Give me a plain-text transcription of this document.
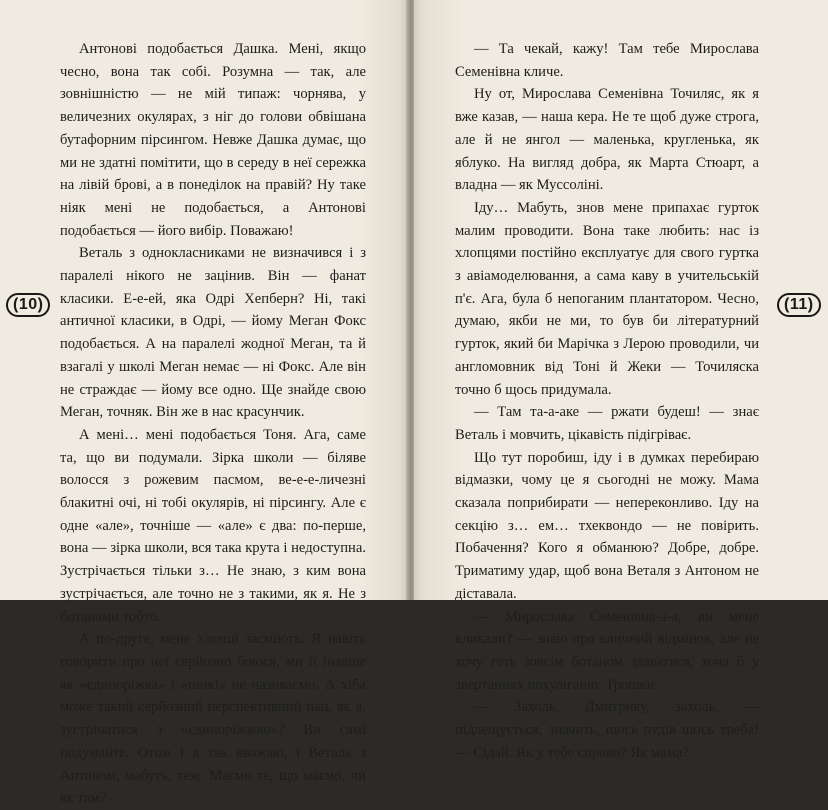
Антонові подобається Дашка. Мені, якщо чесно, вона так собі. Розумна — так, але зовнішністю — не мій типаж: чорнява, у величезних окулярах, з ніг до голови обвішана бутафорним пірсингом. Невже Дашка думає, що ми не здатні помітити, що в середу в неї сережка на лівій брові, а в понеділок на правій? Ну таке ніяк мені не подобається, а Антонові подобається — його вибір. Поважаю!

Веталь з однокласниками не визначився і з паралелі нікого не зацінив. Він — фанат класики. Е-е-ей, яка Одрі Хепберн? Ні, такі античної класики, в Одрі, — йому Меган Фокс подобається. А на паралелі жодної Меган, та й взагалі у школі Меган немає — ні Фокс. Але він не страждає — йому все одно. Ще знайде свою Меган, точняк. Він же в нас красунчик.

А мені… мені подобається Тоня. Ага, саме та, що ви подумали. Зірка школи — біляве волосся з рожевим пасмом, ве-е-е-личезні блакитні очі, ні тобі окулярів, ні пірсингу. Але є одне «але», точніше — «але» є два: по-перше, вона — зірка школи, вся така крута і недоступна. Зустрічається тільки з… Не знаю, з ким вона зустрічається, але точно не з такими, як я. Не з ботанами тобто.

А по-друге, мене хлопці засміють. Я навіть говорити про неї серйозно боюся, ми її інакше як «єдиноріжка» і «пінкі» не називаємо. А хіба може такий серйозний перспективний пац, як я, зустрічатися з «єдиноріжкою»? Ви самі подумайте. Отож і я так вважаю, і Веталь з Антоном, мабуть, теж. Маємо те, що маємо, чи як там?

(10)

— Та чекай, кажу! Там тебе Мирослава Семенівна кличе.

Ну от, Мирослава Семенівна Точиляс, як я вже казав, — наша кера. Не те щоб дуже строга, але й не янгол — маленька, кругленька, як яблуко. На вигляд добра, як Марта Стюарт, а владна — як Муссоліні.

Іду… Мабуть, знов мене припахає гурток малим проводити. Вона таке любить: нас із хлопцями постійно експлуатує для свого гуртка з авіамоделювання, а сама каву в учительській п'є. Ага, була б непоганим плантатором. Чесно, думаю, якби не ми, то був би літературний гурток, який би Марічка з Лерою проводили, чи англомовник від Тоні й Жеки — Точиляска точно б щось придумала.

— Там та-а-аке — ржати будеш! — знає Веталь і мовчить, цікавість підігріває.

Що тут поробиш, іду і в думках перебираю відмазки, чому це я сьогодні не можу. Мама сказала поприбирати — непереконливо. Іду на секцію з… ем… тхеквондо — не повірить. Побачення? Кого я обманюю? Добре, добре. Триматиму удар, щоб вона Веталя з Антоном не діставала.

— Мирослава Семенівна-а-а, ви мене кликали? — знаю про кличний відмінок, але не хочу геть зовсім ботаном здаватися, хоча б у звертаннях похуліганю. Трошки.

— Заходь, Дмитрику, заходь, — підлещується, значить, щось пудів щось треба! — Сідай. Як у тебе справи? Як мама?

(11)
